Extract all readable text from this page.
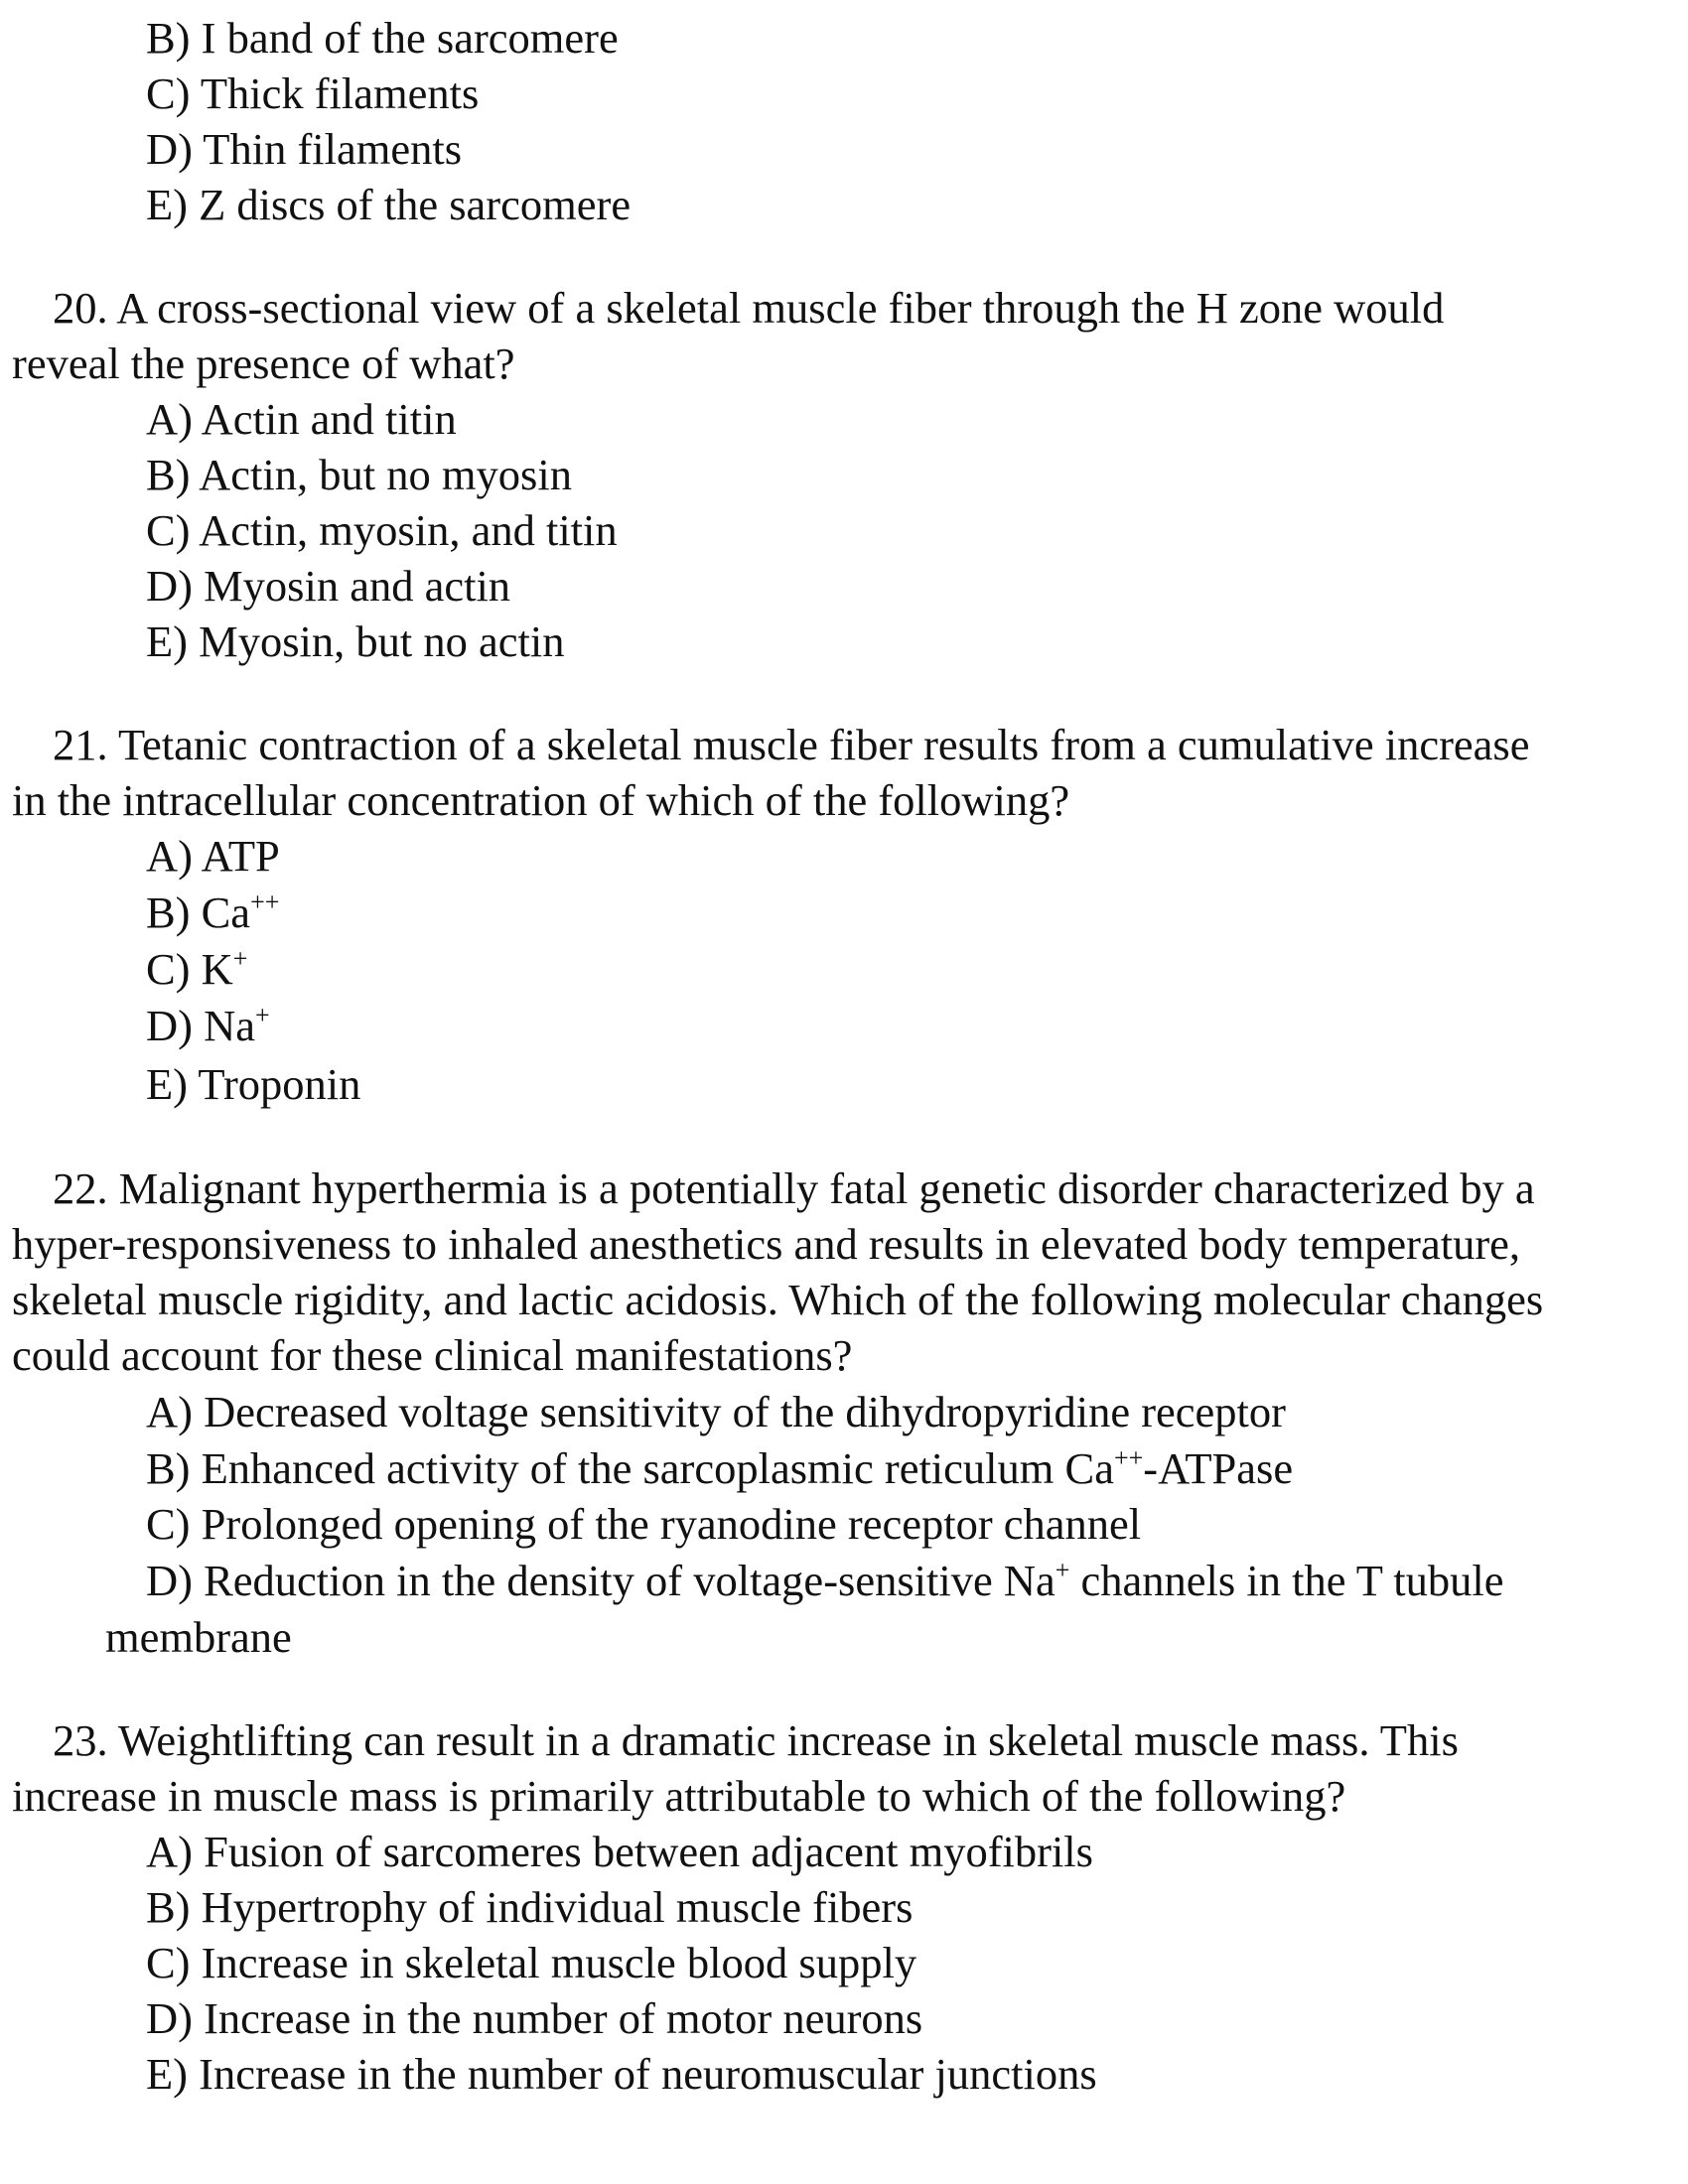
B) I band of the sarcomere
C) Thick filaments
D) Thin filaments
E) Z discs of the sarcomere
20. A cross-sectional view of a skeletal muscle fiber through the H zone would
reveal the presence of what?
A) Actin and titin
B) Actin, but no myosin
C) Actin, myosin, and titin
D) Myosin and actin
E) Myosin, but no actin
21. Tetanic contraction of a skeletal muscle fiber results from a cumulative increase
in the intracellular concentration of which of the following?
A) ATP
B) Ca++
C) K+
D) Na+
E) Troponin
22. Malignant hyperthermia is a potentially fatal genetic disorder characterized by a
hyper-responsiveness to inhaled anesthetics and results in elevated body temperature,
skeletal muscle rigidity, and lactic acidosis. Which of the following molecular changes
could account for these clinical manifestations?
A) Decreased voltage sensitivity of the dihydropyridine receptor
B) Enhanced activity of the sarcoplasmic reticulum Ca++-ATPase
C) Prolonged opening of the ryanodine receptor channel
D) Reduction in the density of voltage-sensitive Na+ channels in the T tubule
membrane
23. Weightlifting can result in a dramatic increase in skeletal muscle mass. This
increase in muscle mass is primarily attributable to which of the following?
A) Fusion of sarcomeres between adjacent myofibrils
B) Hypertrophy of individual muscle fibers
C) Increase in skeletal muscle blood supply
D) Increase in the number of motor neurons
E) Increase in the number of neuromuscular junctions
